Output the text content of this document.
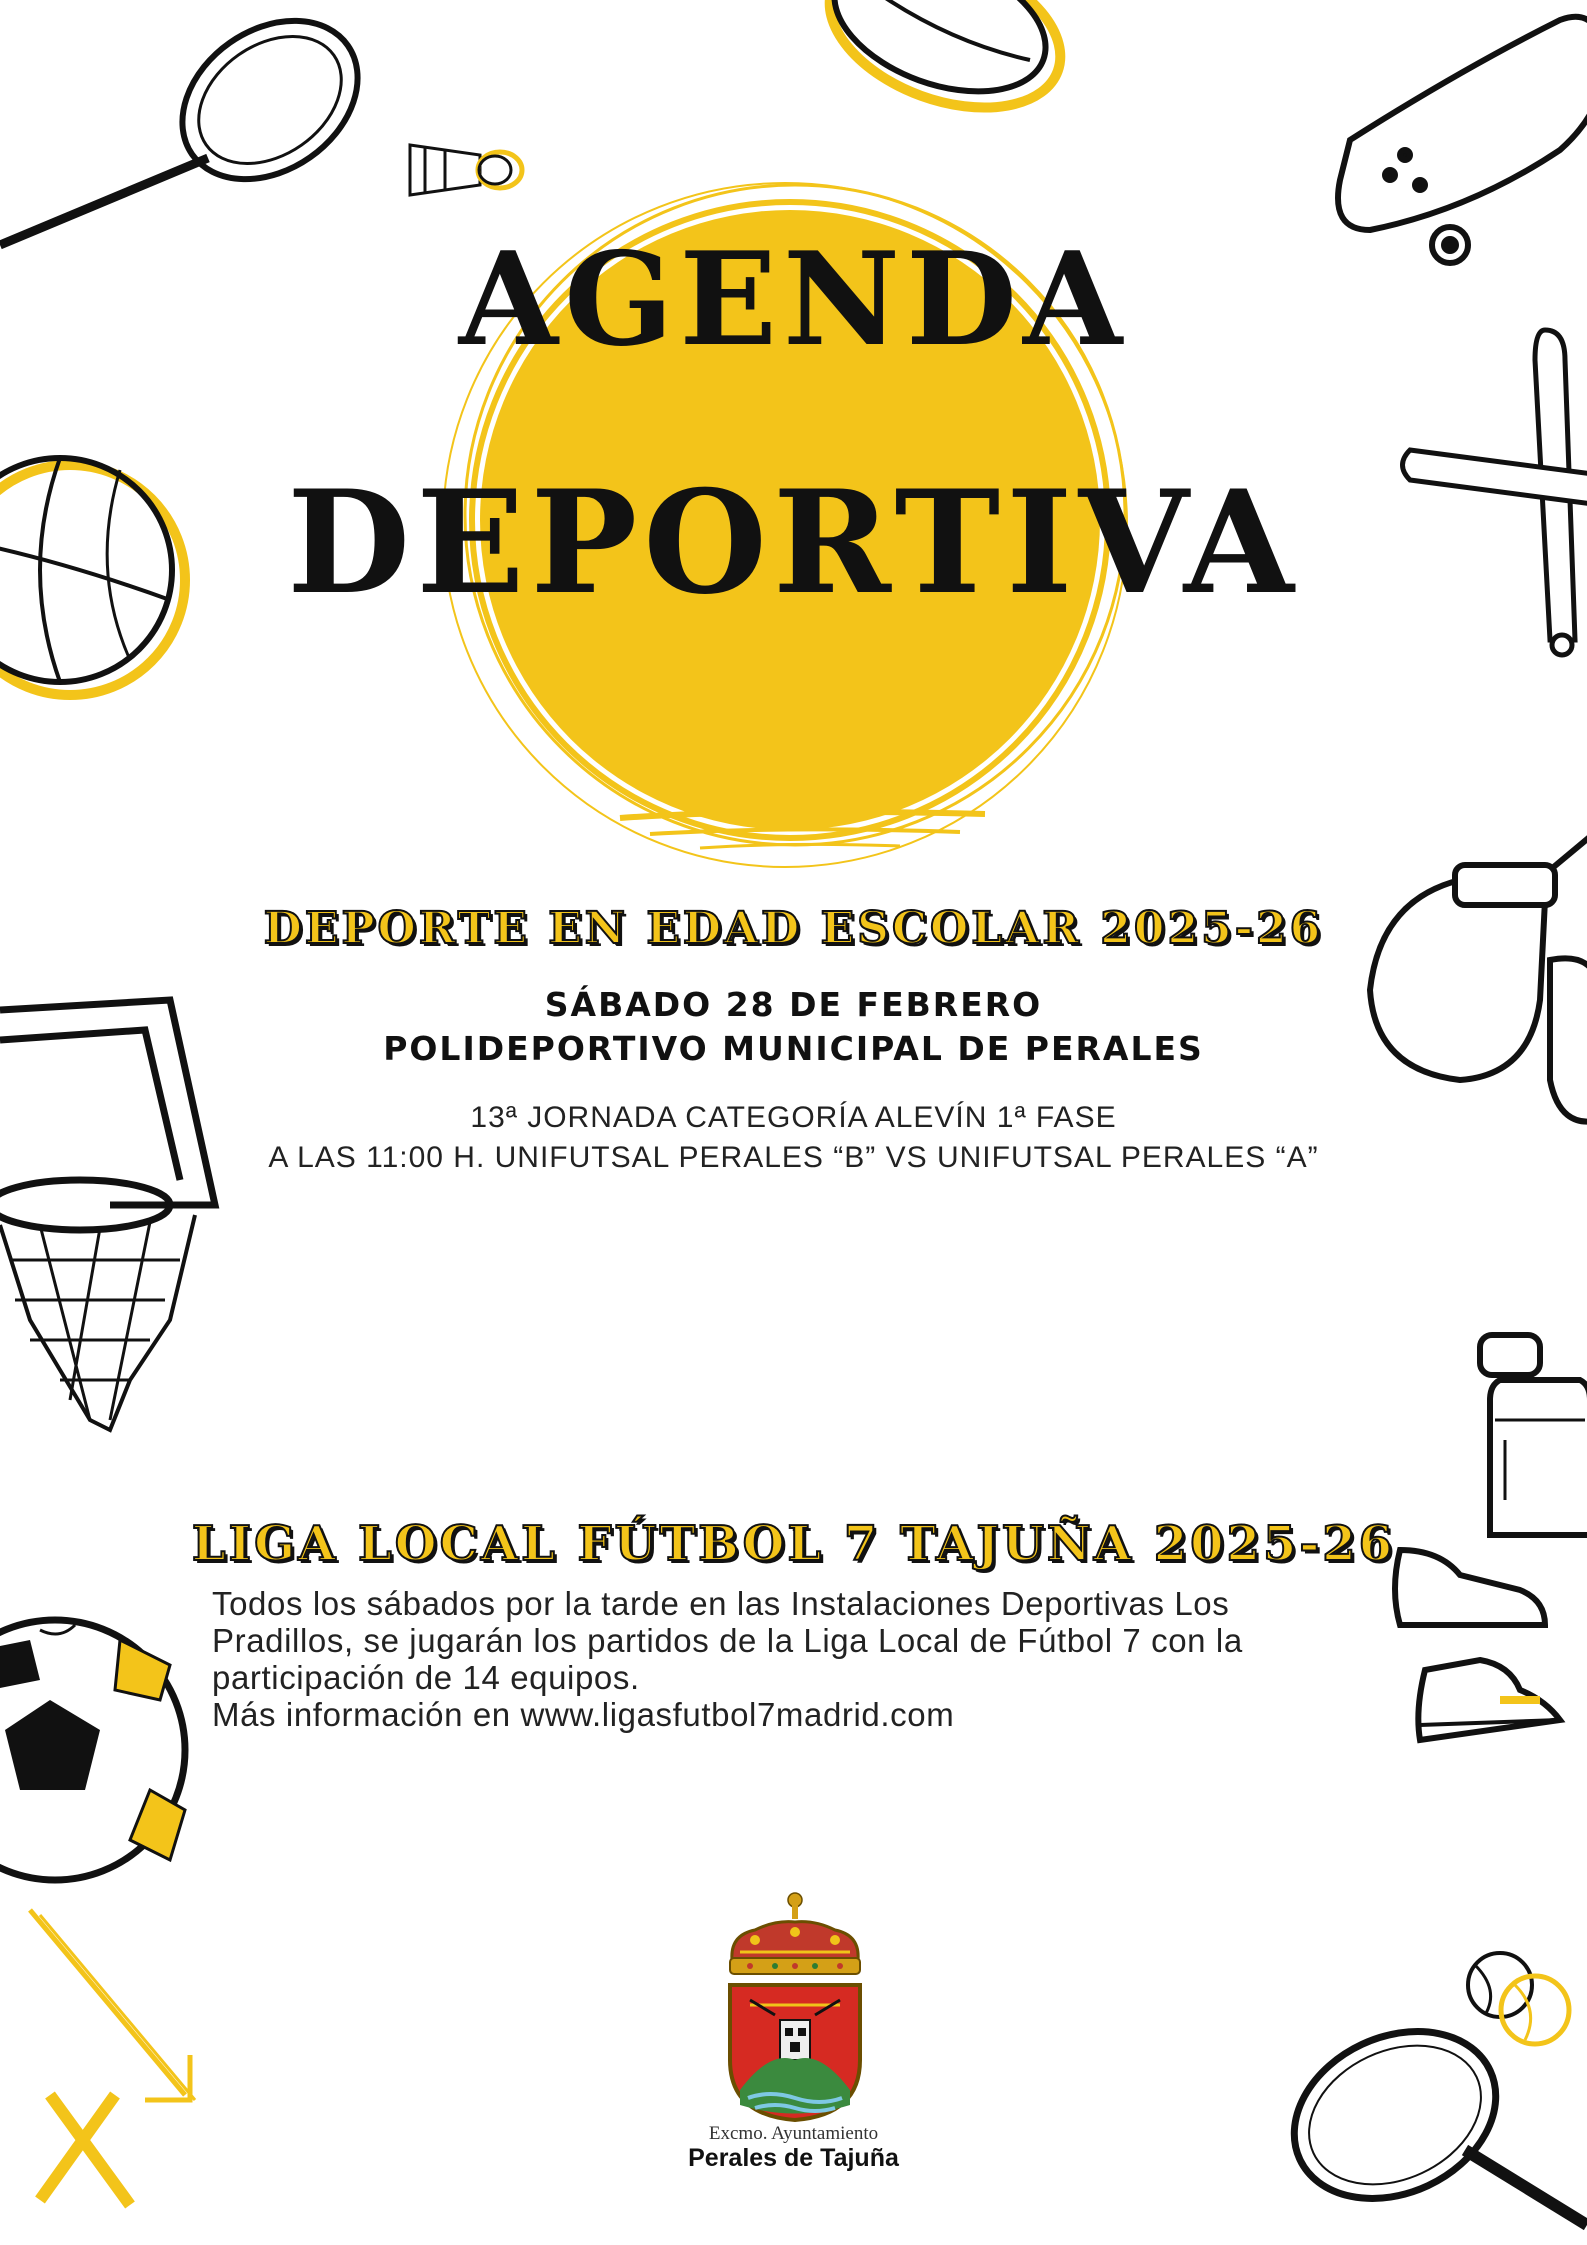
AGENDA
DEPORTIVA
DEPORTE EN EDAD ESCOLAR 2025-26
SÁBADO 28 DE FEBRERO
POLIDEPORTIVO MUNICIPAL DE PERALES
13ª JORNADA CATEGORÍA ALEVÍN 1ª FASE
A LAS 11:00 H. UNIFUTSAL PERALES “B” VS UNIFUTSAL PERALES “A”
LIGA LOCAL FÚTBOL 7 TAJUÑA 2025-26
Todos los sábados por la tarde en las Instalaciones Deportivas Los
Pradillos, se jugarán los partidos de la Liga Local de Fútbol 7 con la
participación de 14 equipos.
Más información en www.ligasfutbol7madrid.com
Excmo. Ayuntamiento
Perales de Tajuña
